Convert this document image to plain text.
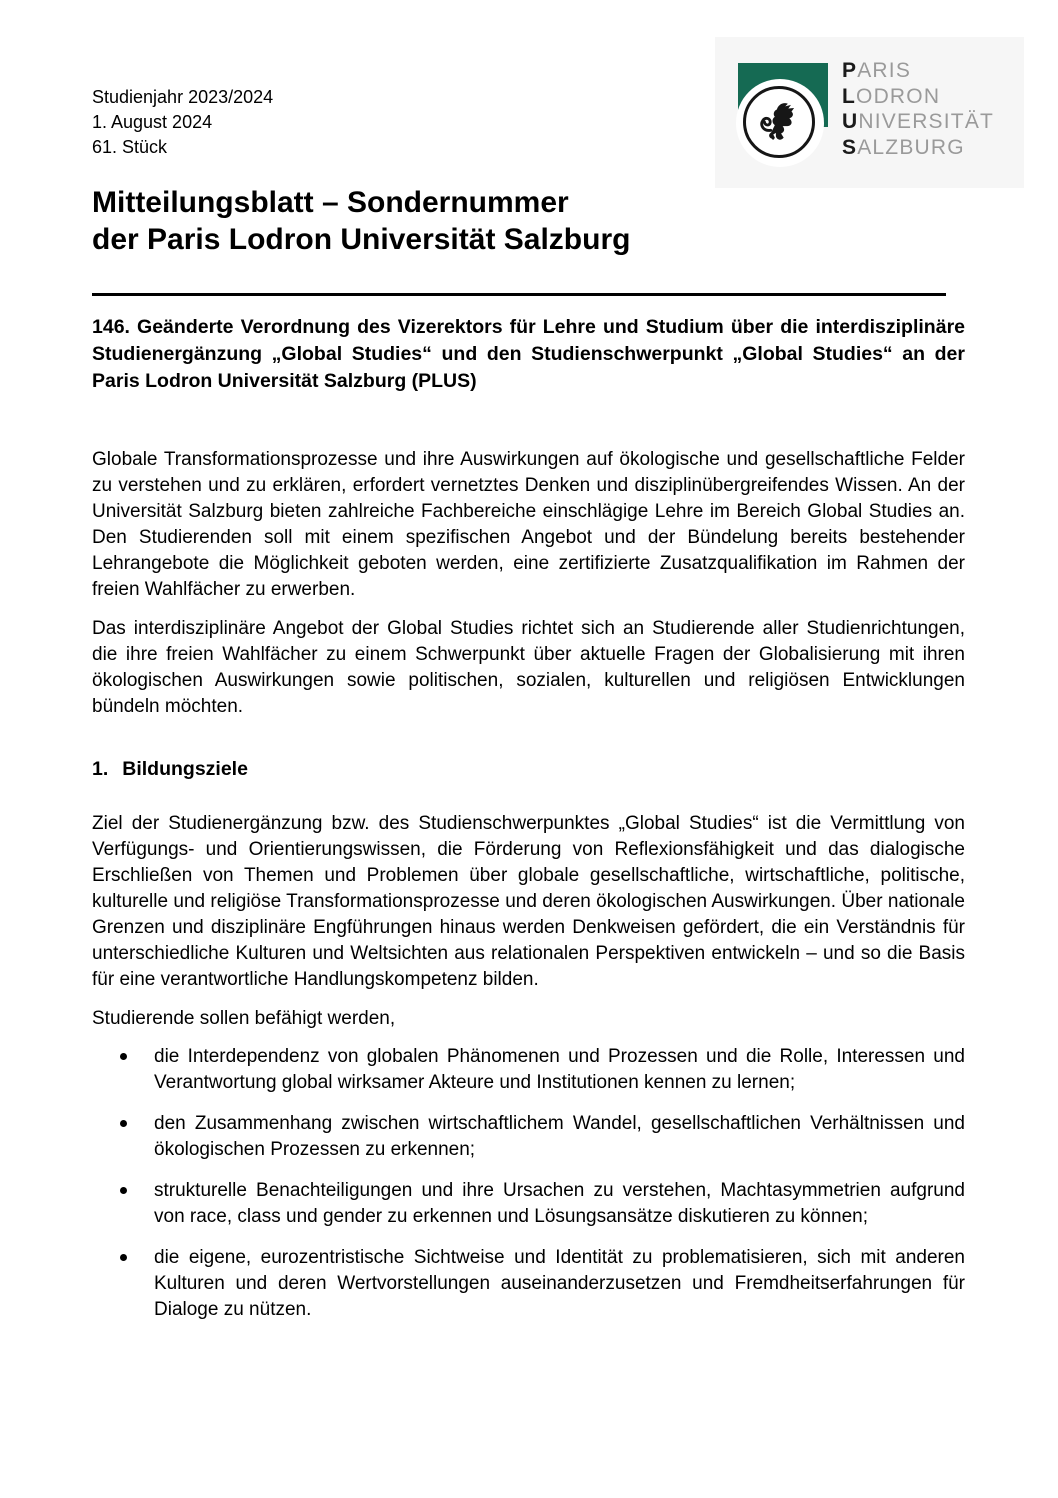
Studienjahr 2023/2024
1. August 2024
61. Stück
PARIS
LODRON
UNIVERSITÄT
SALZBURG
Mitteilungsblatt – Sondernummer
der Paris Lodron Universität Salzburg

146. Geänderte Verordnung des Vizerektors für Lehre und Studium über die interdisziplinäre Studienergänzung „Global Studies“ und den Studienschwerpunkt „Global Studies“ an der Paris Lodron Universität Salzburg (PLUS)

Globale Transformationsprozesse und ihre Auswirkungen auf ökologische und gesellschaftliche Felder zu verstehen und zu erklären, erfordert vernetztes Denken und disziplinübergreifendes Wissen. An der Universität Salzburg bieten zahlreiche Fachbereiche einschlägige Lehre im Bereich Global Studies an. Den Studierenden soll mit einem spezifischen Angebot und der Bündelung bereits bestehender Lehrangebote die Möglichkeit geboten werden, eine zertifizierte Zusatzqualifikation im Rahmen der freien Wahlfächer zu erwerben.

Das interdisziplinäre Angebot der Global Studies richtet sich an Studierende aller Studienrichtungen, die ihre freien Wahlfächer zu einem Schwerpunkt über aktuelle Fragen der Globalisierung mit ihren ökologischen Auswirkungen sowie politischen, sozialen, kulturellen und religiösen Entwicklungen bündeln möchten.

1. Bildungsziele

Ziel der Studienergänzung bzw. des Studienschwerpunktes „Global Studies“ ist die Vermittlung von Verfügungs- und Orientierungswissen, die Förderung von Reflexionsfähigkeit und das dialogische Erschließen von Themen und Problemen über globale gesellschaftliche, wirtschaftliche, politische, kulturelle und religiöse Transformationsprozesse und deren ökologischen Auswirkungen. Über nationale Grenzen und disziplinäre Engführungen hinaus werden Denkweisen gefördert, die ein Verständnis für unterschiedliche Kulturen und Weltsichten aus relationalen Perspektiven entwickeln – und so die Basis für eine verantwortliche Handlungskompetenz bilden.

Studierende sollen befähigt werden,

die Interdependenz von globalen Phänomenen und Prozessen und die Rolle, Interessen und Verantwortung global wirksamer Akteure und Institutionen kennen zu lernen;
den Zusammenhang zwischen wirtschaftlichem Wandel, gesellschaftlichen Verhältnissen und ökologischen Prozessen zu erkennen;
strukturelle Benachteiligungen und ihre Ursachen zu verstehen, Machtasymmetrien aufgrund von race, class und gender zu erkennen und Lösungsansätze diskutieren zu können;
die eigene, eurozentristische Sichtweise und Identität zu problematisieren, sich mit anderen Kulturen und deren Wertvorstellungen auseinanderzusetzen und Fremdheitserfahrungen für Dialoge zu nützen.
